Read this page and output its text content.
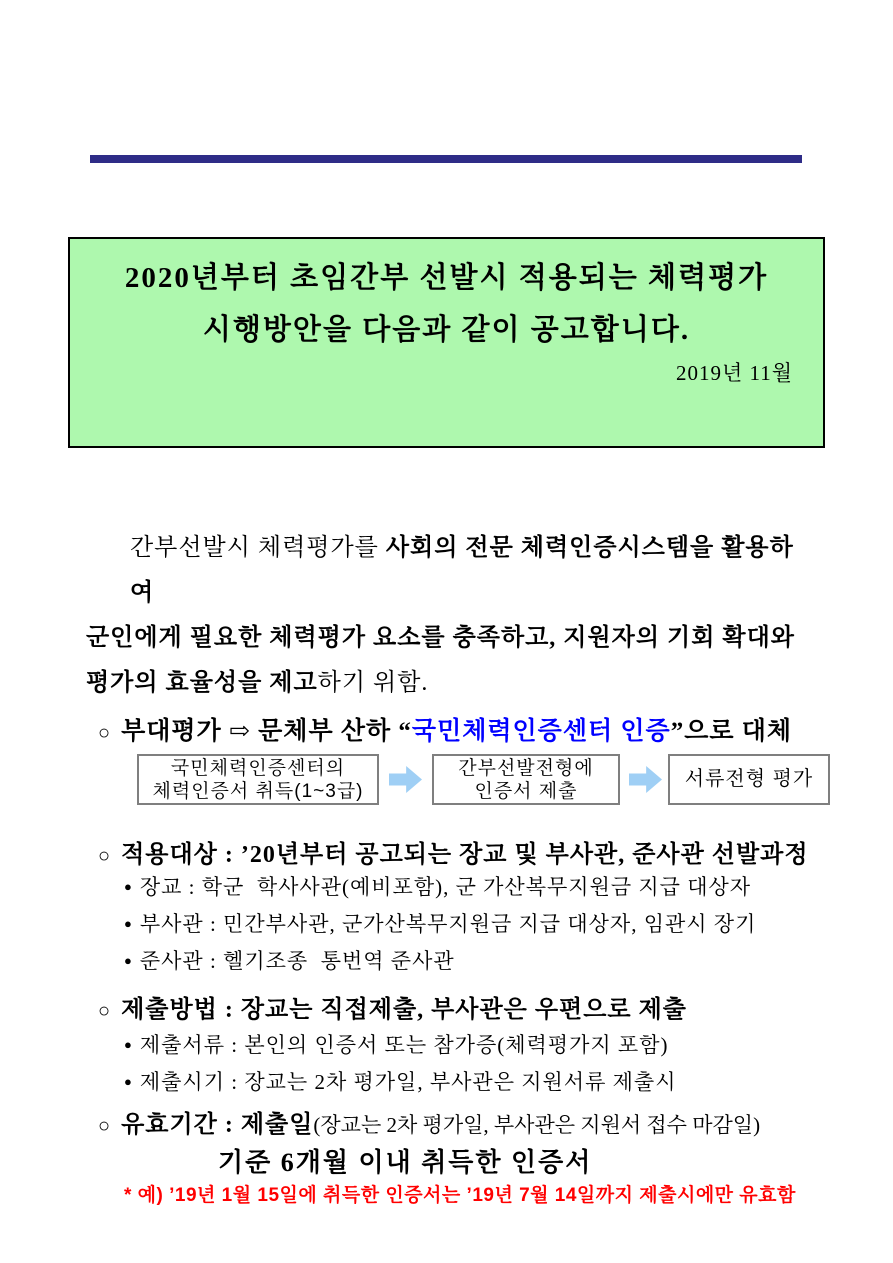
2020년부터 초임간부 선발시 적용되는 체력평가
시행방안을 다음과 같이 공고합니다.
2019년 11월
간부선발시 체력평가를 사회의 전문 체력인증시스템을 활용하여
군인에게 필요한 체력평가 요소를 충족하고, 지원자의 기회 확대와
평가의 효율성을 제고하기 위함.
○ 부대평가 ⇨ 문체부 산하 “국민체력인증센터 인증”으로 대체
국민체력인증센터의
체력인증서 취득(1~3급)
간부선발전형에
인증서 제출
서류전형 평가
○ 적용대상 : ’20년부터 공고되는 장교 및 부사관, 준사관 선발과정
● 장교 : 학군  학사사관(예비포함), 군 가산복무지원금 지급 대상자
● 부사관 : 민간부사관, 군가산복무지원금 지급 대상자, 임관시 장기
● 준사관 : 헬기조종  통번역 준사관
○ 제출방법 : 장교는 직접제출, 부사관은 우편으로 제출
● 제출서류 : 본인의 인증서 또는 참가증(체력평가지 포함)
● 제출시기 : 장교는 2차 평가일, 부사관은 지원서류 제출시
○ 유효기간 : 제출일(장교는 2차 평가일, 부사관은 지원서 접수 마감일)
기준 6개월 이내 취득한 인증서
* 예) ’19년 1월 15일에 취득한 인증서는 ’19년 7월 14일까지 제출시에만 유효함
